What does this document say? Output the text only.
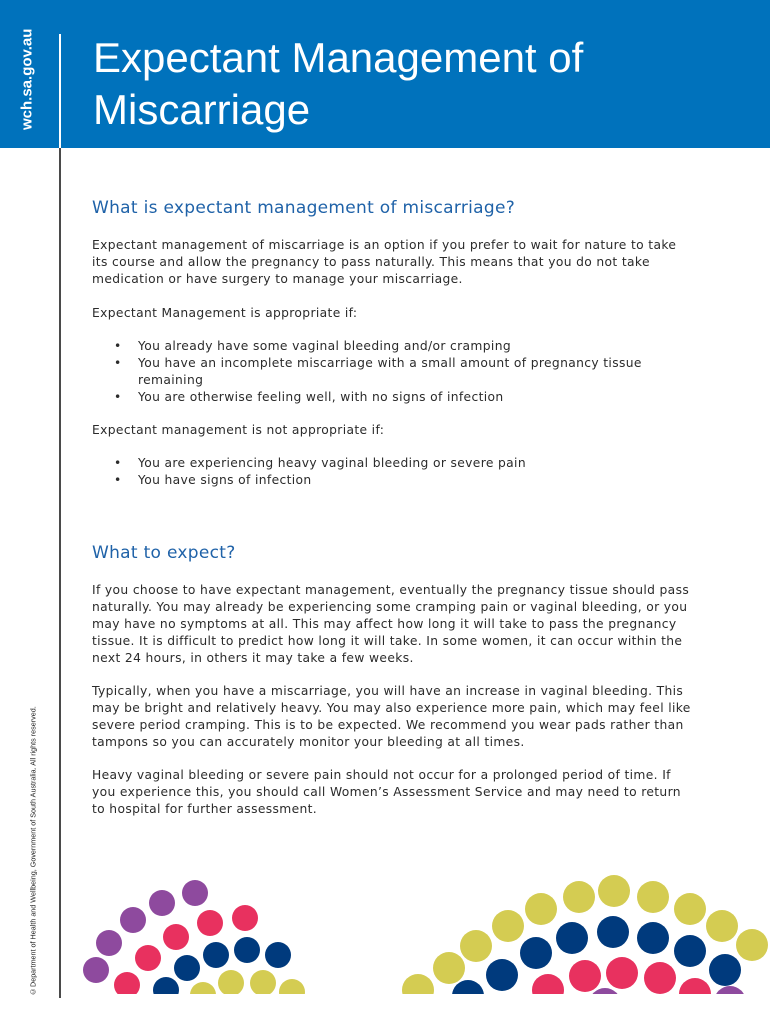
wch.sa.gov.au Expectant Management of Miscarriage
©Department of Health and Wellbeing, Government of South Australia. All rights reserved.
What is expectant management of miscarriage?

Expectant management of miscarriage is an option if you prefer to wait for nature to take its course and allow the pregnancy to pass naturally. This means that you do not take medication or have surgery to manage your miscarriage.

Expectant Management is appropriate if:

• You already have some vaginal bleeding and/or cramping
• You have an incomplete miscarriage with a small amount of pregnancy tissue remaining
• You are otherwise feeling well, with no signs of infection

Expectant management is not appropriate if:

• You are experiencing heavy vaginal bleeding or severe pain
• You have signs of infection
What to expect?

If you choose to have expectant management, eventually the pregnancy tissue should pass naturally. You may already be experiencing some cramping pain or vaginal bleeding, or you may have no symptoms at all. This may affect how long it will take to pass the pregnancy tissue. It is difficult to predict how long it will take. In some women, it can occur within the next 24 hours, in others it may take a few weeks.

Typically, when you have a miscarriage, you will have an increase in vaginal bleeding. This may be bright and relatively heavy. You may also experience more pain, which may feel like severe period cramping. This is to be expected. We recommend you wear pads rather than tampons so you can accurately monitor your bleeding at all times.

Heavy vaginal bleeding or severe pain should not occur for a prolonged period of time. If you experience this, you should call Women’s Assessment Service and may need to return to hospital for further assessment.
